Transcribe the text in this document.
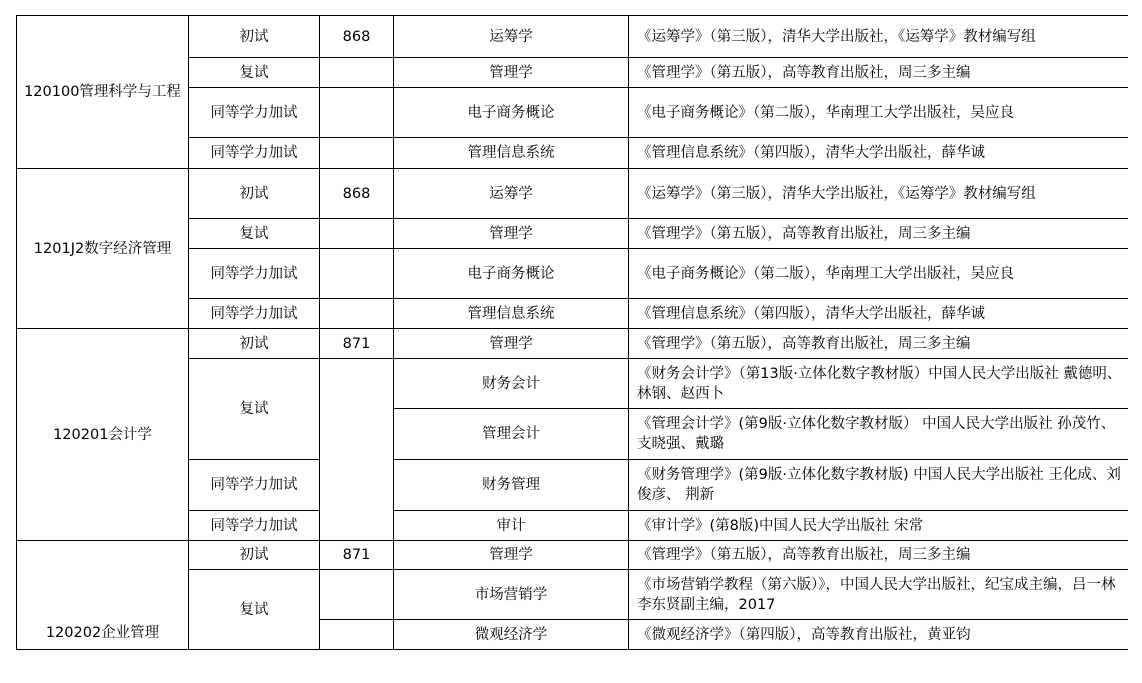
120100管理科学与工程	初试	868	运筹学	《运筹学》（第三版），清华大学出版社，《运筹学》教材编写组
	复试		管理学	《管理学》（第五版），高等教育出版社，周三多主编
	同等学力加试		电子商务概论	《电子商务概论》（第二版），华南理工大学出版社，吴应良
	同等学力加试		管理信息系统	《管理信息系统》（第四版），清华大学出版社，薛华诚
1201J2数字经济管理	初试	868	运筹学	《运筹学》（第三版），清华大学出版社，《运筹学》教材编写组
	复试		管理学	《管理学》（第五版），高等教育出版社，周三多主编
	同等学力加试		电子商务概论	《电子商务概论》（第二版），华南理工大学出版社，吴应良
	同等学力加试		管理信息系统	《管理信息系统》（第四版），清华大学出版社，薛华诚
120201会计学	初试	871	管理学	《管理学》（第五版），高等教育出版社，周三多主编
	复试		财务会计	《财务会计学》（第13版·立体化数字教材版）中国人民大学出版社 戴德明、林钢、赵西卜
			管理会计	《管理会计学》(第9版·立体化数字教材版） 中国人民大学出版社 孙茂竹、支晓强、戴璐
	同等学力加试		财务管理	《财务管理学》(第9版·立体化数字教材版) 中国人民大学出版社 王化成、刘俊彦、 荆新
	同等学力加试		审计	《审计学》(第8版)中国人民大学出版社 宋常
120202企业管理	初试	871	管理学	《管理学》（第五版），高等教育出版社，周三多主编
	复试		市场营销学	《市场营销学教程（第六版）》，中国人民大学出版社，纪宝成主编，吕一林 李东贤副主编，2017
			微观经济学	《微观经济学》（第四版），高等教育出版社，黄亚钧
